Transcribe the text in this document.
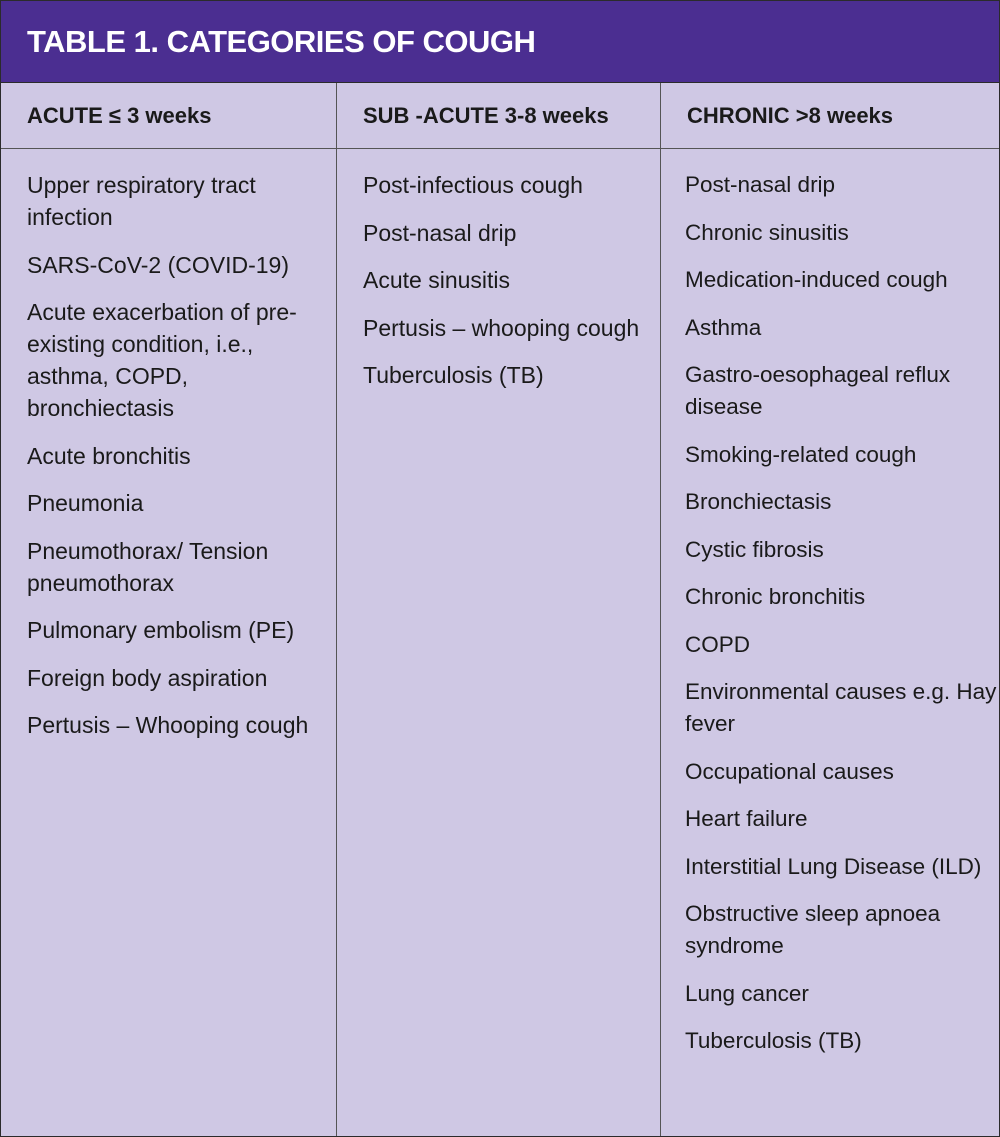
TABLE 1. CATEGORIES OF COUGH
ACUTE ≤ 3 weeks
Upper respiratory tract infection
SARS-CoV-2 (COVID-19)
Acute exacerbation of pre-existing condition, i.e., asthma, COPD, bronchiectasis
Acute bronchitis
Pneumonia
Pneumothorax/ Tension pneumothorax
Pulmonary embolism (PE)
Foreign body aspiration
Pertusis – Whooping cough
SUB -ACUTE 3-8 weeks
Post-infectious cough
Post-nasal drip
Acute sinusitis
Pertusis – whooping cough
Tuberculosis (TB)
CHRONIC >8 weeks
Post-nasal drip
Chronic sinusitis
Medication-induced cough
Asthma
Gastro-oesophageal reflux disease
Smoking-related cough
Bronchiectasis
Cystic fibrosis
Chronic bronchitis
COPD
Environmental causes e.g. Hay fever
Occupational causes
Heart failure
Interstitial Lung Disease (ILD)
Obstructive sleep apnoea syndrome
Lung cancer
Tuberculosis (TB)
